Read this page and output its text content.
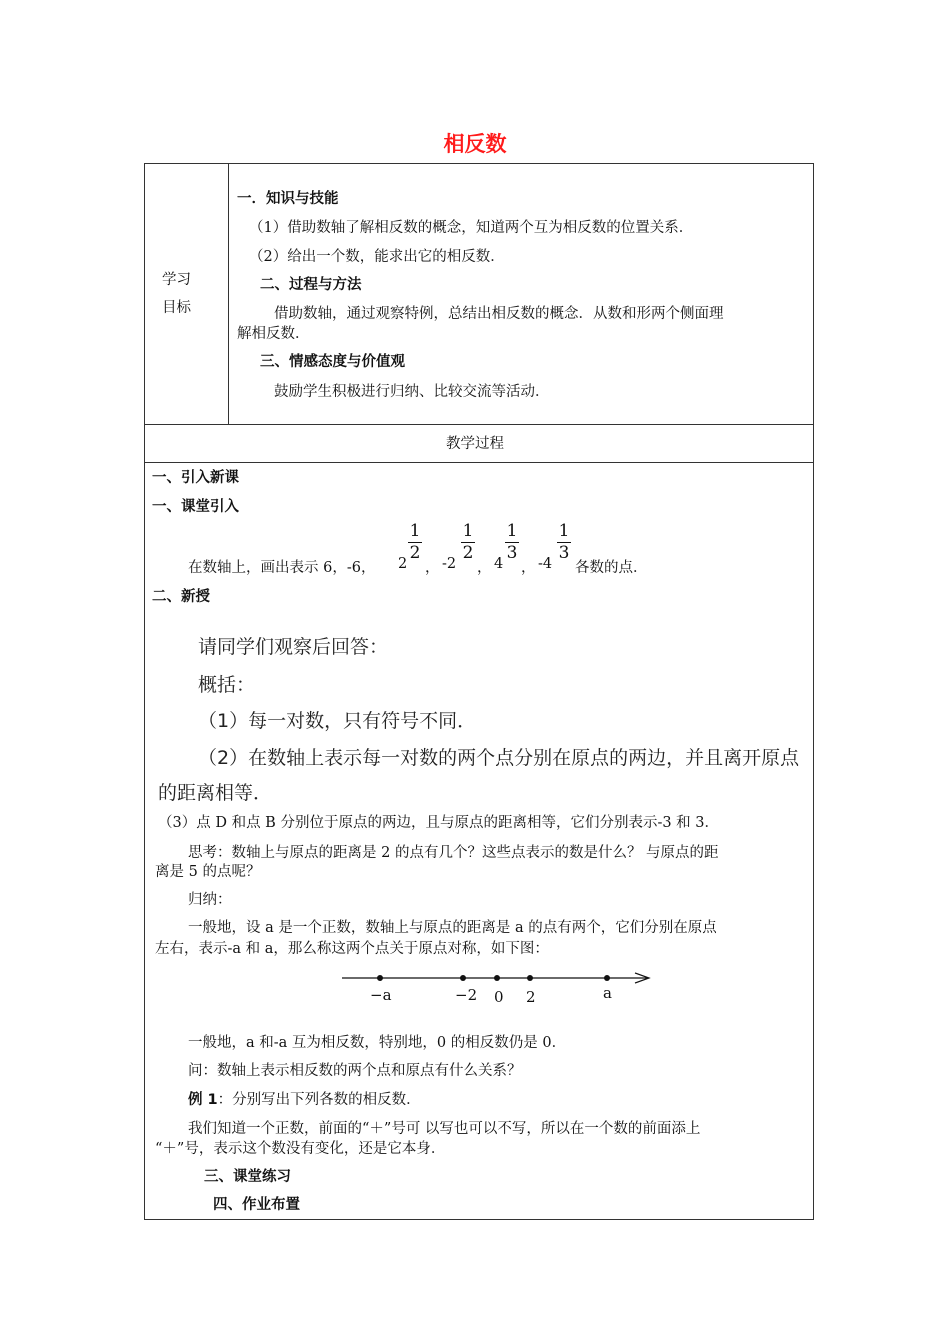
相反数
学习
目标
一．知识与技能
（1）借助数轴了解相反数的概念，知道两个互为相反数的位置关系．
（2）给出一个数，能求出它的相反数．
二、过程与方法
借助数轴，通过观察特例，总结出相反数的概念．从数和形两个侧面理
解相反数．
三、情感态度与价值观
鼓励学生积极进行归纳、比较交流等活动．
教学过程
一、引入新课
一、课堂引入
在数轴上，画出表示 6，-6， 2
1
2
， -2
1
2
， 4
1
3
， -4
1
3
各数的点．
二、新授
请同学们观察后回答：
概括：
（1）每一对数，只有符号不同．
（2）在数轴上表示每一对数的两个点分别在原点的两边，并且离开原点
的距离相等．
（3）点 D 和点 B 分别位于原点的两边，且与原点的距离相等，它们分别表示-3 和 3．
思考：数轴上与原点的距离是 2 的点有几个？这些点表示的数是什么？ 与原点的距
离是 5 的点呢？
归纳：
一般地，设 a 是一个正数，数轴上与原点的距离是 a 的点有两个，它们分别在原点
左右，表示-a 和 a，那么称这两个点关于原点对称，如下图：
−a	−2 0 2	a
一般地，a 和-a 互为相反数，特别地，0 的相反数仍是 0．
问：数轴上表示相反数的两个点和原点有什么关系？
例 1：分别写出下列各数的相反数．
我们知道一个正数，前面的“＋”号可 以写也可以不写，所以在一个数的前面添上
“＋”号，表示这个数没有变化，还是它本身．
三、课堂练习
四、作业布置
